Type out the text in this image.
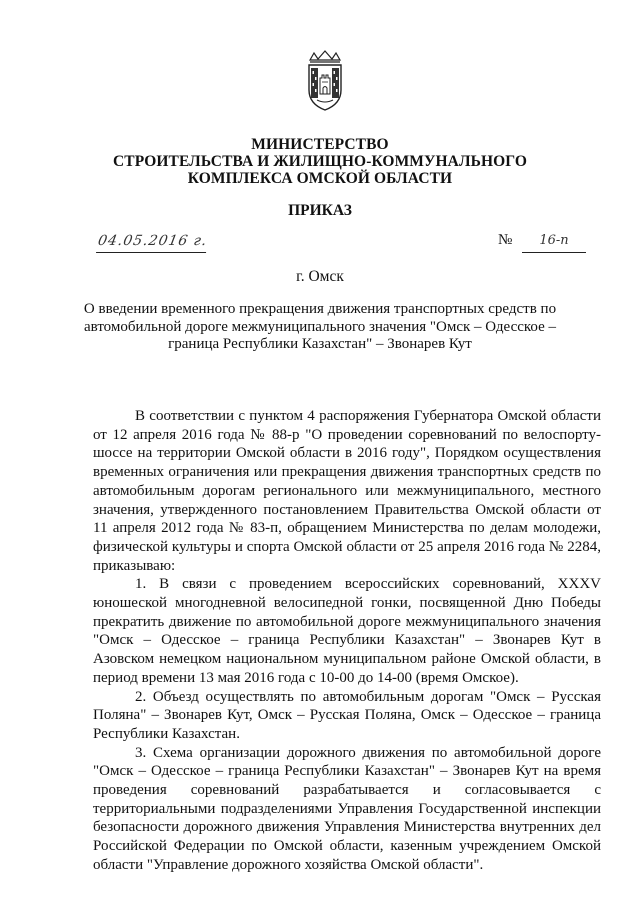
МИНИСТЕРСТВО
СТРОИТЕЛЬСТВА И ЖИЛИЩНО-КОММУНАЛЬНОГО
КОМПЛЕКСА ОМСКОЙ ОБЛАСТИ
ПРИКАЗ
04.05.2016 г.	№	16-п
г. Омск
О введении временного прекращения движения транспортных средств по автомобильной дороге межмуниципального значения "Омск – Одесское – граница Республики Казахстан" – Звонарев Кут

В соответствии с пунктом 4 распоряжения Губернатора Омской области от 12 апреля 2016 года № 88-р "О проведении соревнований по велоспорту-шоссе на территории Омской области в 2016 году", Порядком осуществления временных ограничения или прекращения движения транспортных средств по автомобильным дорогам регионального или межмуниципального, местного значения, утвержденного постановлением Правительства Омской области от 11 апреля 2012 года № 83-п, обращением Министерства по делам молодежи, физической культуры и спорта Омской области от 25 апреля 2016 года № 2284, приказываю:

1. В связи с проведением всероссийских соревнований, XXXV юношеской многодневной велосипедной гонки, посвященной Дню Победы прекратить движение по автомобильной дороге межмуниципального значения "Омск – Одесское – граница Республики Казахстан" – Звонарев Кут в Азовском немецком национальном муниципальном районе Омской области, в период времени 13 мая 2016 года с 10-00 до 14-00 (время Омское).

2. Объезд осуществлять по автомобильным дорогам "Омск – Русская Поляна" – Звонарев Кут, Омск – Русская Поляна, Омск – Одесское – граница Республики Казахстан.

3. Схема организации дорожного движения по автомобильной дороге "Омск – Одесское – граница Республики Казахстан" – Звонарев Кут на время проведения соревнований разрабатывается и согласовывается с территориальными подразделениями Управления Государственной инспекции безопасности дорожного движения Управления Министерства внутренних дел Российской Федерации по Омской области, казенным учреждением Омской области "Управление дорожного хозяйства Омской области".
